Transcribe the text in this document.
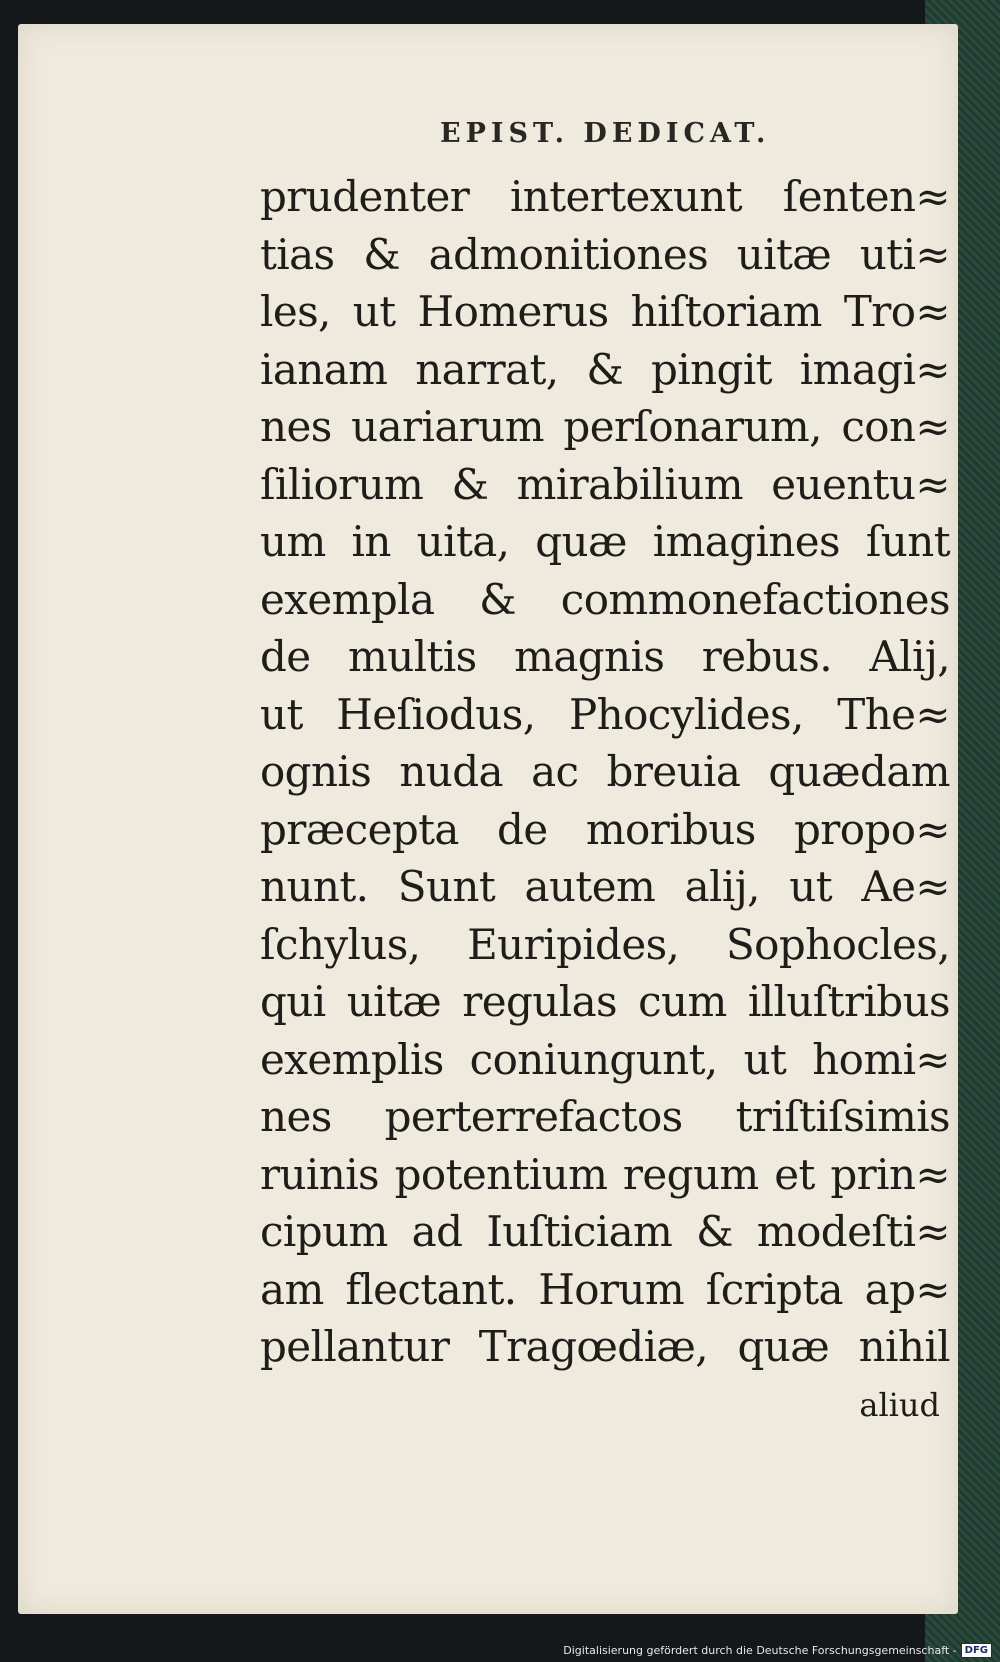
EPIST. DEDICAT.

prudenter intertexunt ſenten≈
tias & admonitiones uitæ uti≈
les, ut Homerus hiſtoriam Tro≈
ianam narrat, & pingit imagi≈
nes uariarum perſonarum, con≈
ſiliorum & mirabilium euentu≈
um in uita, quæ imagines ſunt
exempla & commonefactiones
de multis magnis rebus. Alij,
ut Heſiodus, Phocylides, The≈
ognis nuda ac breuia quædam
præcepta de moribus propo≈
nunt. Sunt autem alij, ut Ae≈
ſchylus, Euripides, Sophocles,
qui uitæ regulas cum illuſtribus
exemplis coniungunt, ut homi≈
nes perterrefactos triſtiſsimis
ruinis potentium regum et prin≈
cipum ad Iuſticiam & modeſti≈
am flectant. Horum ſcripta ap≈
pellantur Tragœdiæ, quæ nihil

aliud

Digitalisierung gefördert durch die Deutsche Forschungsgemeinschaft - DFG
